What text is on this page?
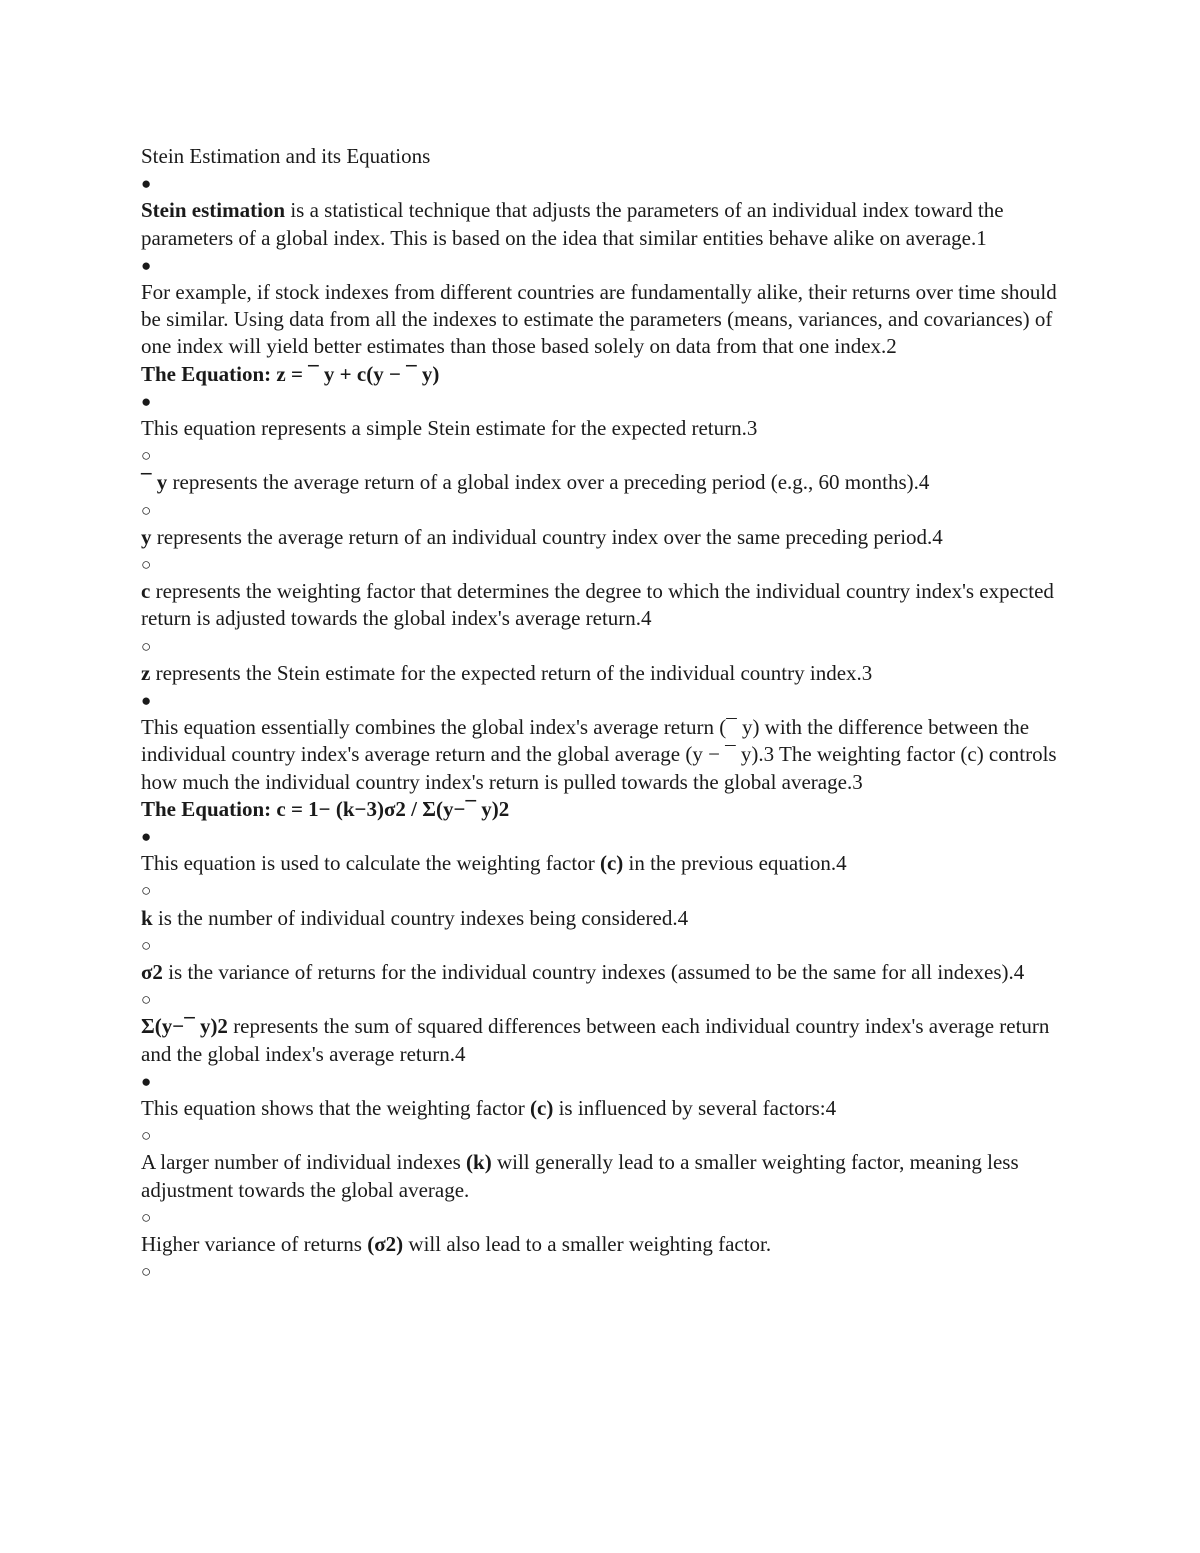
Stein Estimation and its Equations

●

Stein estimation is a statistical technique that adjusts the parameters of an individual index toward the parameters of a global index. This is based on the idea that similar entities behave alike on average.1

●

For example, if stock indexes from different countries are fundamentally alike, their returns over time should be similar. Using data from all the indexes to estimate the parameters (means, variances, and covariances) of one index will yield better estimates than those based solely on data from that one index.2

The Equation: z = ¯ y + c(y − ¯ y)

●

This equation represents a simple Stein estimate for the expected return.3

○

¯ y represents the average return of a global index over a preceding period (e.g., 60 months).4

○

y represents the average return of an individual country index over the same preceding period.4

○

c represents the weighting factor that determines the degree to which the individual country index's expected return is adjusted towards the global index's average return.4

○

z represents the Stein estimate for the expected return of the individual country index.3

●

This equation essentially combines the global index's average return (¯ y) with the difference between the individual country index's average return and the global average (y − ¯ y).3 The weighting factor (c) controls how much the individual country index's return is pulled towards the global average.3

The Equation: c = 1− (k−3)σ2 / Σ(y−¯ y)2

●

This equation is used to calculate the weighting factor (c) in the previous equation.4

○

k is the number of individual country indexes being considered.4

○

σ2 is the variance of returns for the individual country indexes (assumed to be the same for all indexes).4

○

Σ(y−¯ y)2 represents the sum of squared differences between each individual country index's average return and the global index's average return.4

●

This equation shows that the weighting factor (c) is influenced by several factors:4

○

A larger number of individual indexes (k) will generally lead to a smaller weighting factor, meaning less adjustment towards the global average.

○

Higher variance of returns (σ2) will also lead to a smaller weighting factor.

○
